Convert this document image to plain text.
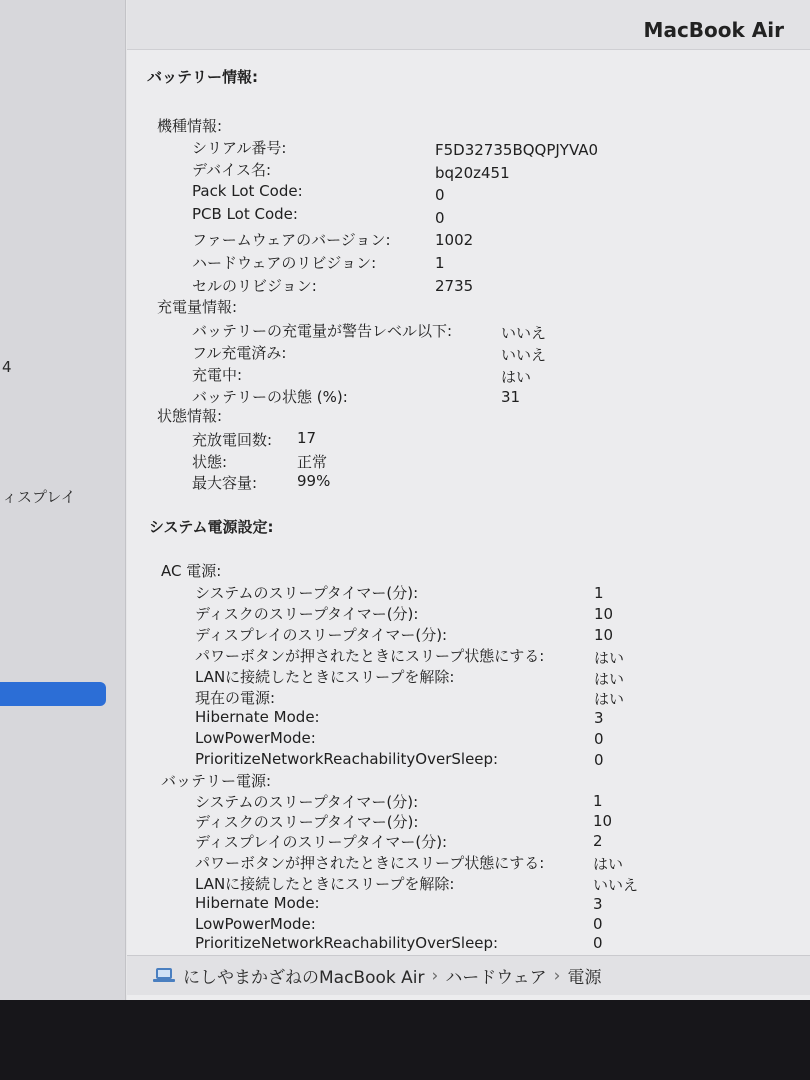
4
ィスプレイ
MacBook Air
バッテリー情報:
機種情報:
シリアル番号:	F5D32735BQQPJYVA0
デバイス名:	bq20z451
Pack Lot Code:	0
PCB Lot Code:	0
ファームウェアのバージョン:	1002
ハードウェアのリビジョン:	1
セルのリビジョン:	2735
充電量情報:
バッテリーの充電量が警告レベル以下:	いいえ
フル充電済み:	いいえ
充電中:	はい
バッテリーの状態 (%):	31
状態情報:
充放電回数: 17
状態:	正常
最大容量:	99%
システム電源設定:
AC 電源:
システムのスリープタイマー(分):	1
ディスクのスリープタイマー(分):	10
ディスプレイのスリープタイマー(分):	10
パワーボタンが押されたときにスリープ状態にする:	はい
LANに接続したときにスリープを解除:	はい
現在の電源:	はい
Hibernate Mode:	3
LowPowerMode:	0
PrioritizeNetworkReachabilityOverSleep:	0
バッテリー電源:
システムのスリープタイマー(分):	1
ディスクのスリープタイマー(分):	10
ディスプレイのスリープタイマー(分):	2
パワーボタンが押されたときにスリープ状態にする:	はい
LANに接続したときにスリープを解除:	いいえ
Hibernate Mode:	3
LowPowerMode:	0
PrioritizeNetworkReachabilityOverSleep:	0
にしやまかざねのMacBook Air › ハードウェア › 電源
